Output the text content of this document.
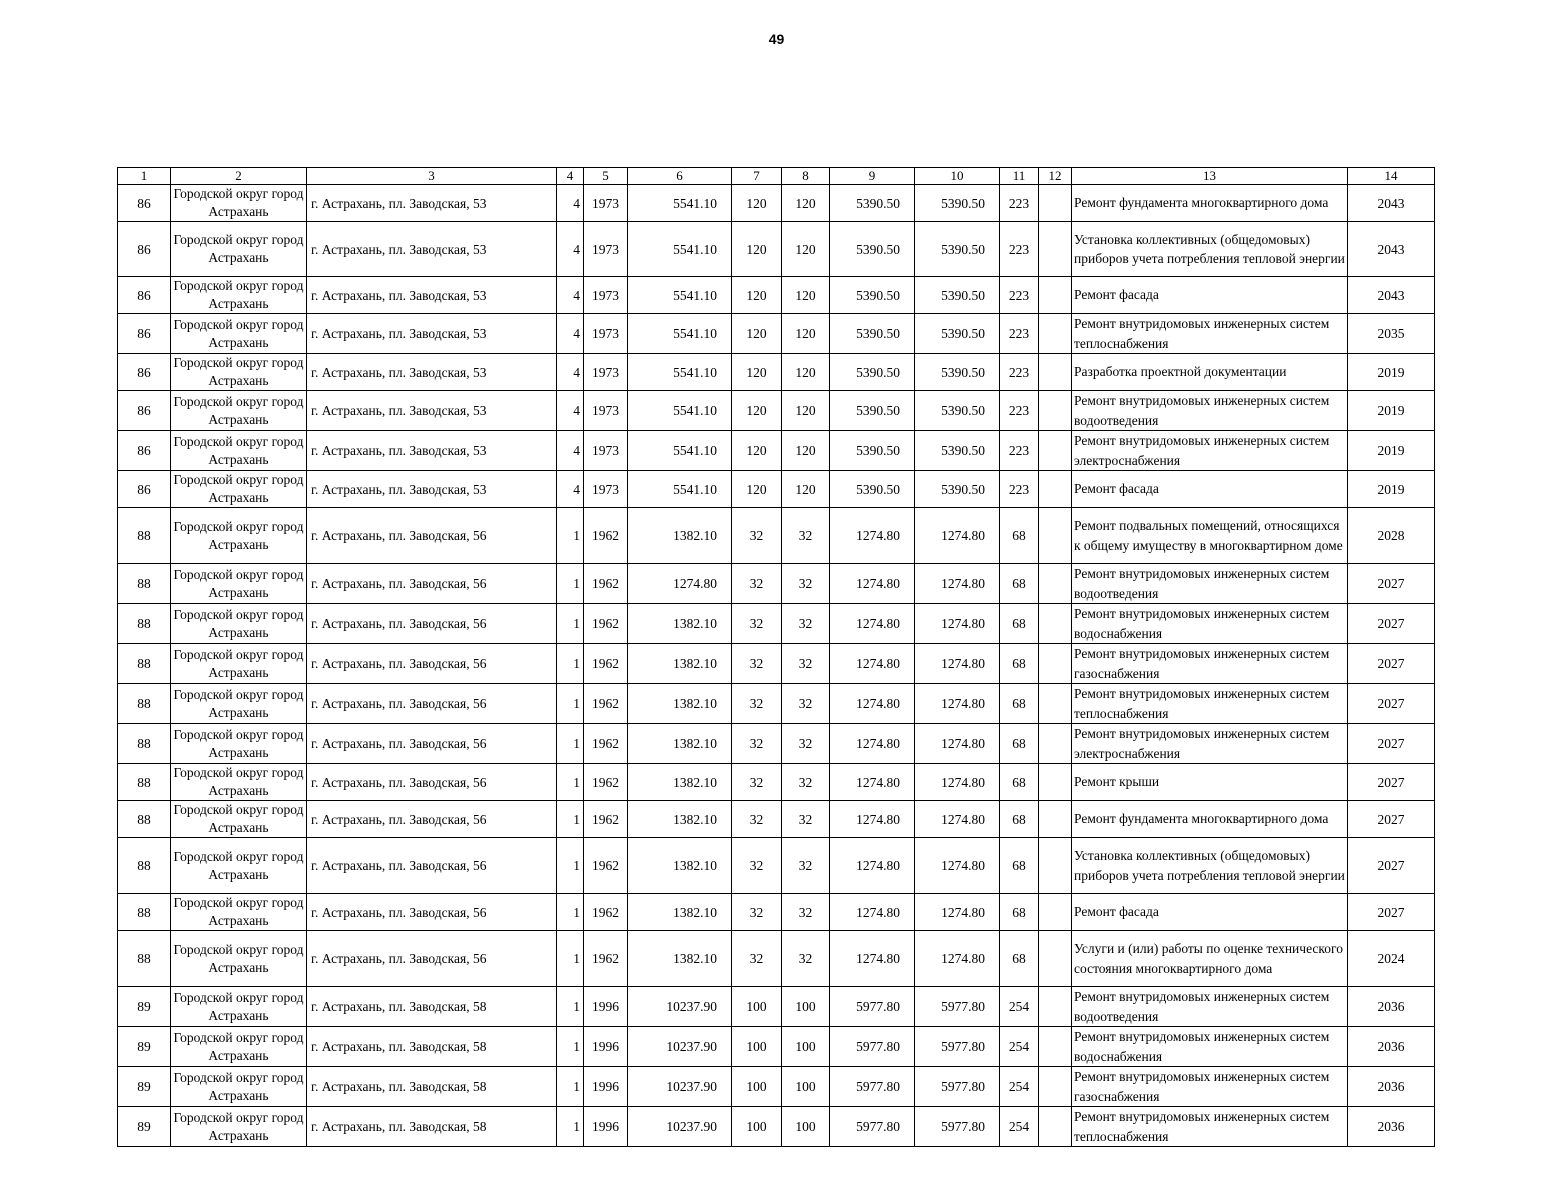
49
1	2	3	4	5	6	7	8	9	10	11	12	13	14
86	Городской округ город Астрахань	г. Астрахань, пл. Заводская, 53	4	1973	5541.10	120	120	5390.50	5390.50	223		Ремонт фундамента многоквартирного дома	2043
86	Городской округ город Астрахань	г. Астрахань, пл. Заводская, 53	4	1973	5541.10	120	120	5390.50	5390.50	223		Установка коллективных (общедомовых) приборов учета потребления тепловой энергии	2043
86	Городской округ город Астрахань	г. Астрахань, пл. Заводская, 53	4	1973	5541.10	120	120	5390.50	5390.50	223		Ремонт фасада	2043
86	Городской округ город Астрахань	г. Астрахань, пл. Заводская, 53	4	1973	5541.10	120	120	5390.50	5390.50	223		Ремонт внутридомовых инженерных систем теплоснабжения	2035
86	Городской округ город Астрахань	г. Астрахань, пл. Заводская, 53	4	1973	5541.10	120	120	5390.50	5390.50	223		Разработка проектной документации	2019
86	Городской округ город Астрахань	г. Астрахань, пл. Заводская, 53	4	1973	5541.10	120	120	5390.50	5390.50	223		Ремонт внутридомовых инженерных систем водоотведения	2019
86	Городской округ город Астрахань	г. Астрахань, пл. Заводская, 53	4	1973	5541.10	120	120	5390.50	5390.50	223		Ремонт внутридомовых инженерных систем электроснабжения	2019
86	Городской округ город Астрахань	г. Астрахань, пл. Заводская, 53	4	1973	5541.10	120	120	5390.50	5390.50	223		Ремонт фасада	2019
88	Городской округ город Астрахань	г. Астрахань, пл. Заводская, 56	1	1962	1382.10	32	32	1274.80	1274.80	68		Ремонт подвальных помещений, относящихся к общему имуществу в многоквартирном доме	2028
88	Городской округ город Астрахань	г. Астрахань, пл. Заводская, 56	1	1962	1274.80	32	32	1274.80	1274.80	68		Ремонт внутридомовых инженерных систем водоотведения	2027
88	Городской округ город Астрахань	г. Астрахань, пл. Заводская, 56	1	1962	1382.10	32	32	1274.80	1274.80	68		Ремонт внутридомовых инженерных систем водоснабжения	2027
88	Городской округ город Астрахань	г. Астрахань, пл. Заводская, 56	1	1962	1382.10	32	32	1274.80	1274.80	68		Ремонт внутридомовых инженерных систем газоснабжения	2027
88	Городской округ город Астрахань	г. Астрахань, пл. Заводская, 56	1	1962	1382.10	32	32	1274.80	1274.80	68		Ремонт внутридомовых инженерных систем теплоснабжения	2027
88	Городской округ город Астрахань	г. Астрахань, пл. Заводская, 56	1	1962	1382.10	32	32	1274.80	1274.80	68		Ремонт внутридомовых инженерных систем электроснабжения	2027
88	Городской округ город Астрахань	г. Астрахань, пл. Заводская, 56	1	1962	1382.10	32	32	1274.80	1274.80	68		Ремонт крыши	2027
88	Городской округ город Астрахань	г. Астрахань, пл. Заводская, 56	1	1962	1382.10	32	32	1274.80	1274.80	68		Ремонт фундамента многоквартирного дома	2027
88	Городской округ город Астрахань	г. Астрахань, пл. Заводская, 56	1	1962	1382.10	32	32	1274.80	1274.80	68		Установка коллективных (общедомовых) приборов учета потребления тепловой энергии	2027
88	Городской округ город Астрахань	г. Астрахань, пл. Заводская, 56	1	1962	1382.10	32	32	1274.80	1274.80	68		Ремонт фасада	2027
88	Городской округ город Астрахань	г. Астрахань, пл. Заводская, 56	1	1962	1382.10	32	32	1274.80	1274.80	68		Услуги и (или) работы по оценке технического состояния многоквартирного дома	2024
89	Городской округ город Астрахань	г. Астрахань, пл. Заводская, 58	1	1996	10237.90	100	100	5977.80	5977.80	254		Ремонт внутридомовых инженерных систем водоотведения	2036
89	Городской округ город Астрахань	г. Астрахань, пл. Заводская, 58	1	1996	10237.90	100	100	5977.80	5977.80	254		Ремонт внутридомовых инженерных систем водоснабжения	2036
89	Городской округ город Астрахань	г. Астрахань, пл. Заводская, 58	1	1996	10237.90	100	100	5977.80	5977.80	254		Ремонт внутридомовых инженерных систем газоснабжения	2036
89	Городской округ город Астрахань	г. Астрахань, пл. Заводская, 58	1	1996	10237.90	100	100	5977.80	5977.80	254		Ремонт внутридомовых инженерных систем теплоснабжения	2036
